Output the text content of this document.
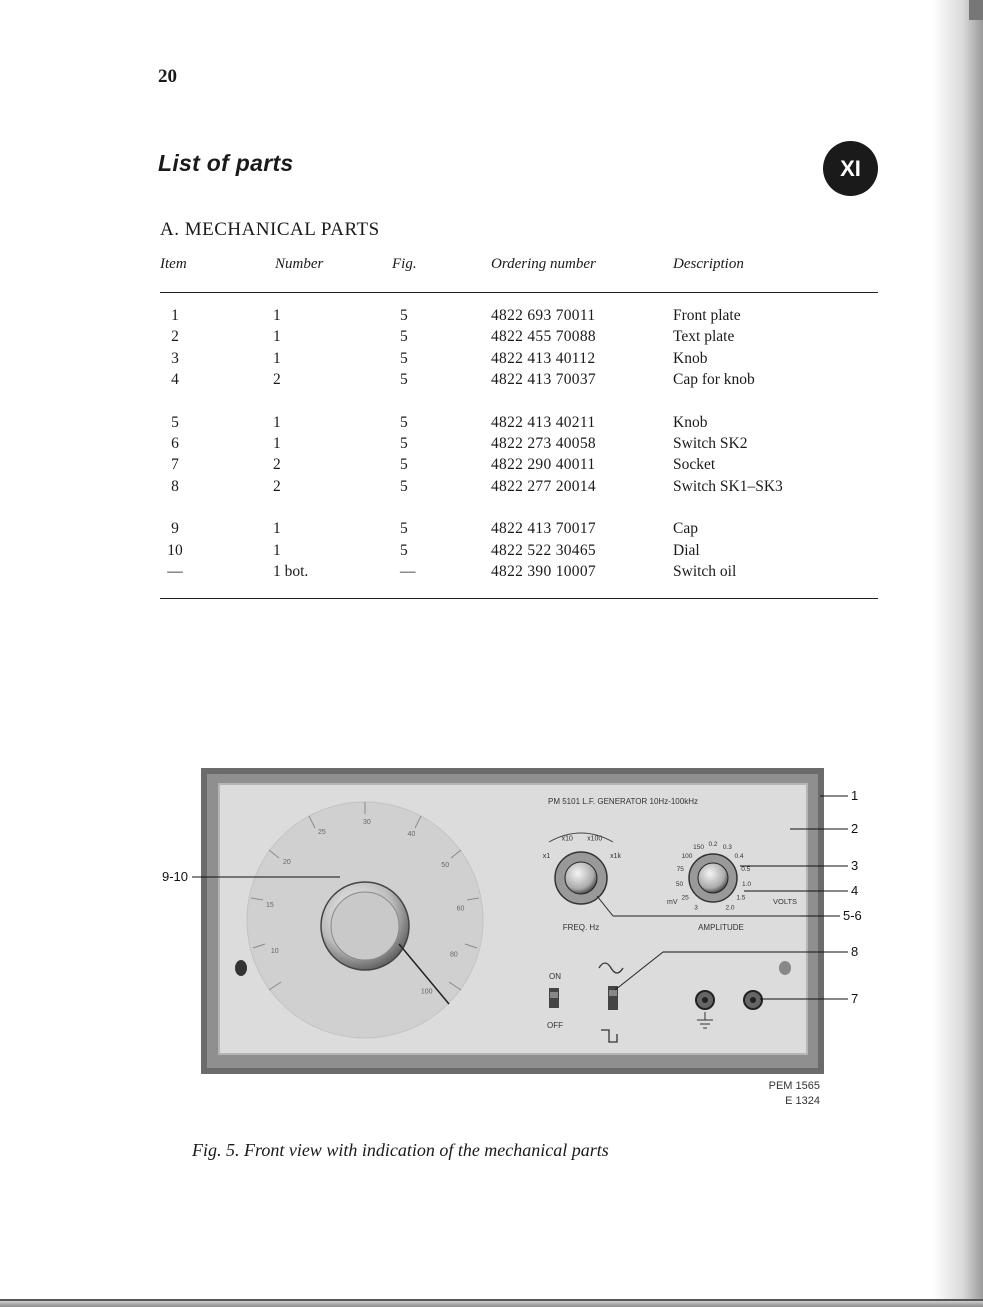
20
List of parts	XI
A. MECHANICAL PARTS
Item	Number	Fig.	Ordering number	Description
1	1	5	4822 693 70011	Front plate
2	1	5	4822 455 70088	Text plate
3	1	5	4822 413 40112	Knob
4	2	5	4822 413 70037	Cap for knob
5	1	5	4822 413 40211	Knob
6	1	5	4822 273 40058	Switch SK2
7	2	5	4822 290 40011	Socket
8	2	5	4822 277 20014	Switch SK1–SK3
9	1	5	4822 413 70017	Cap
10	1	5	4822 522 30465	Dial
—	1 bot.	—	4822 390 10007	Switch oil
10
15
20
25
30
40
50
60
80
100
PM 5101 L.F. GENERATOR 10Hz-100kHz
x1
x10 x100
x1k
FREQ. Hz
3
25
50
75
100
150 0.2 0.3
0.4
0.5
1.0
1.5
2.0
mV	VOLTS
AMPLITUDE
ON
OFF
9-10
1
2
3
4
5-6
8
7
PEM 1565
E 1324
Fig. 5. Front view with indication of the mechanical parts
